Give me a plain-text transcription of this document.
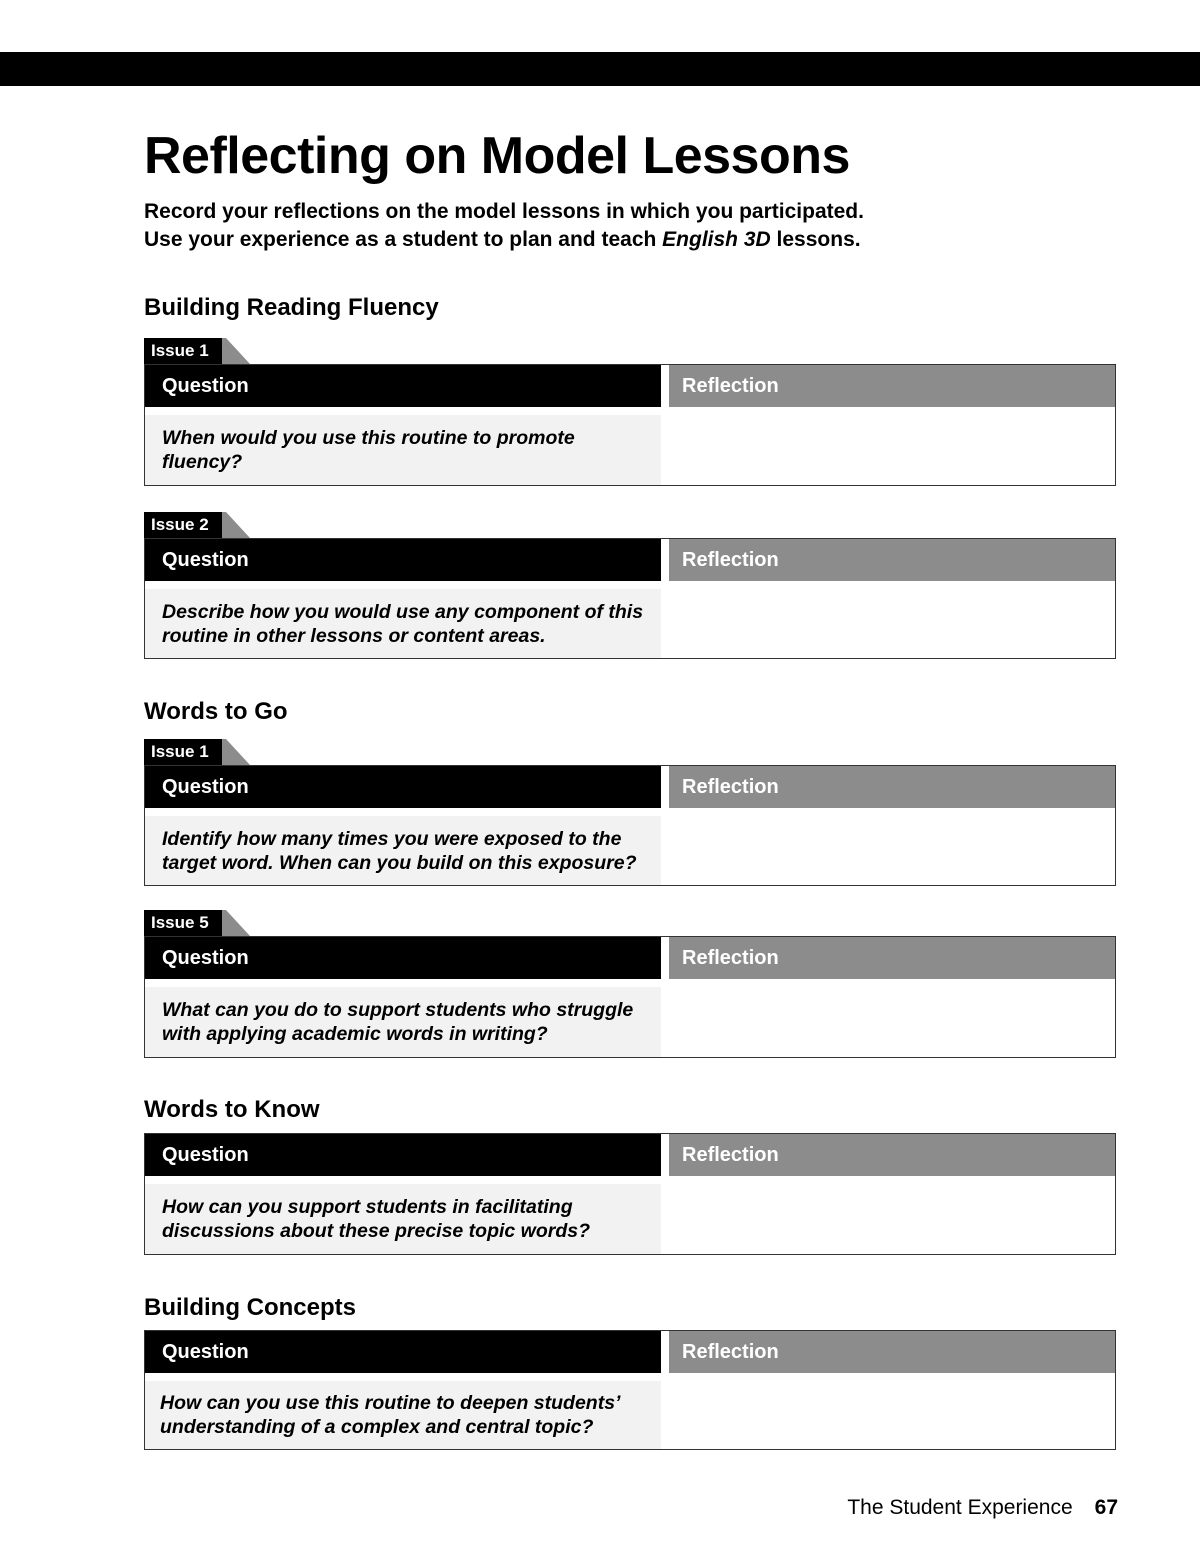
Reflecting on Model Lessons
Record your reflections on the model lessons in which you participated.
Use your experience as a student to plan and teach English 3D lessons.
Building Reading Fluency
Issue 1
Question	Reflection
When would you use this routine to promote fluency?
Issue 2
Question	Reflection
Describe how you would use any component of this routine in other lessons or content areas.
Words to Go
Issue 1
Question	Reflection
Identify how many times you were exposed to the target word. When can you build on this exposure?
Issue 5
Question	Reflection
What can you do to support students who struggle with applying academic words in writing?
Words to Know
Question	Reflection
How can you support students in facilitating discussions about these precise topic words?
Building Concepts
Question	Reflection
How can you use this routine to deepen students’ understanding of a complex and central topic?
The Student Experience 67
